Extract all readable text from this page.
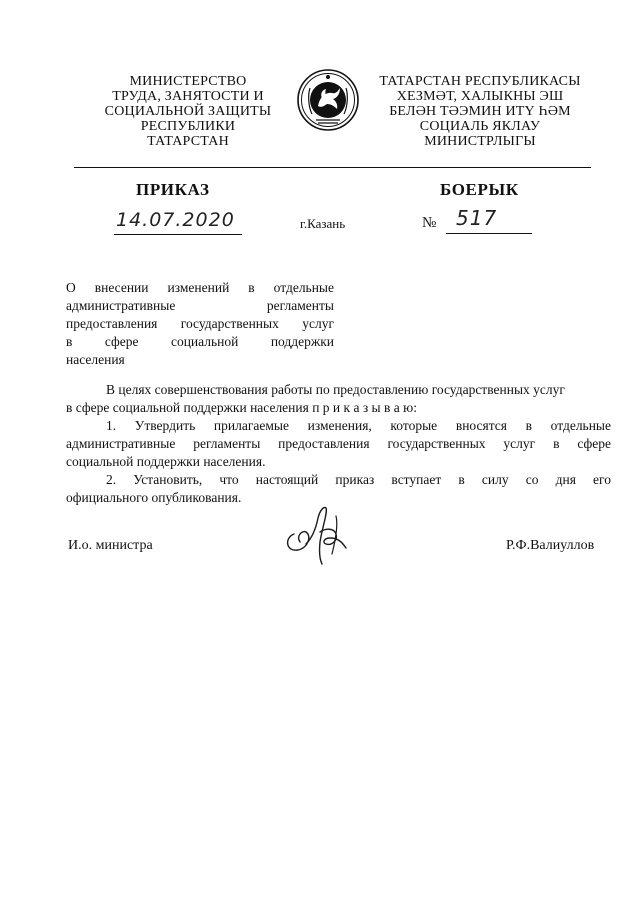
МИНИСТЕРСТВО
ТРУДА, ЗАНЯТОСТИ И
СОЦИАЛЬНОЙ ЗАЩИТЫ
РЕСПУБЛИКИ
ТАТАРСТАН
ТАТАРСТАН РЕСПУБЛИКАСЫ
ХЕЗМӘТ, ХАЛЫКНЫ ЭШ
БЕЛӘН ТӘЭМИН ИТҮ ҺӘМ
СОЦИАЛЬ ЯКЛАУ
МИНИСТРЛЫГЫ
ПРИКАЗ	БОЕРЫК
14.07.2020	г.Казань	№ 517
О внесении изменений в отдельные
административные регламенты
предоставления государственных услуг
в сфере социальной поддержки
населения
В целях совершенствования работы по предоставлению государственных услуг
в сфере социальной поддержки населения п р и к а з ы в а ю:
1. Утвердить прилагаемые изменения, которые вносятся в отдельные
административные регламенты предоставления государственных услуг в сфере
социальной поддержки населения.
2. Установить, что настоящий приказ вступает в силу со дня его
официального опубликования.
И.о. министра	Р.Ф.Валиуллов
